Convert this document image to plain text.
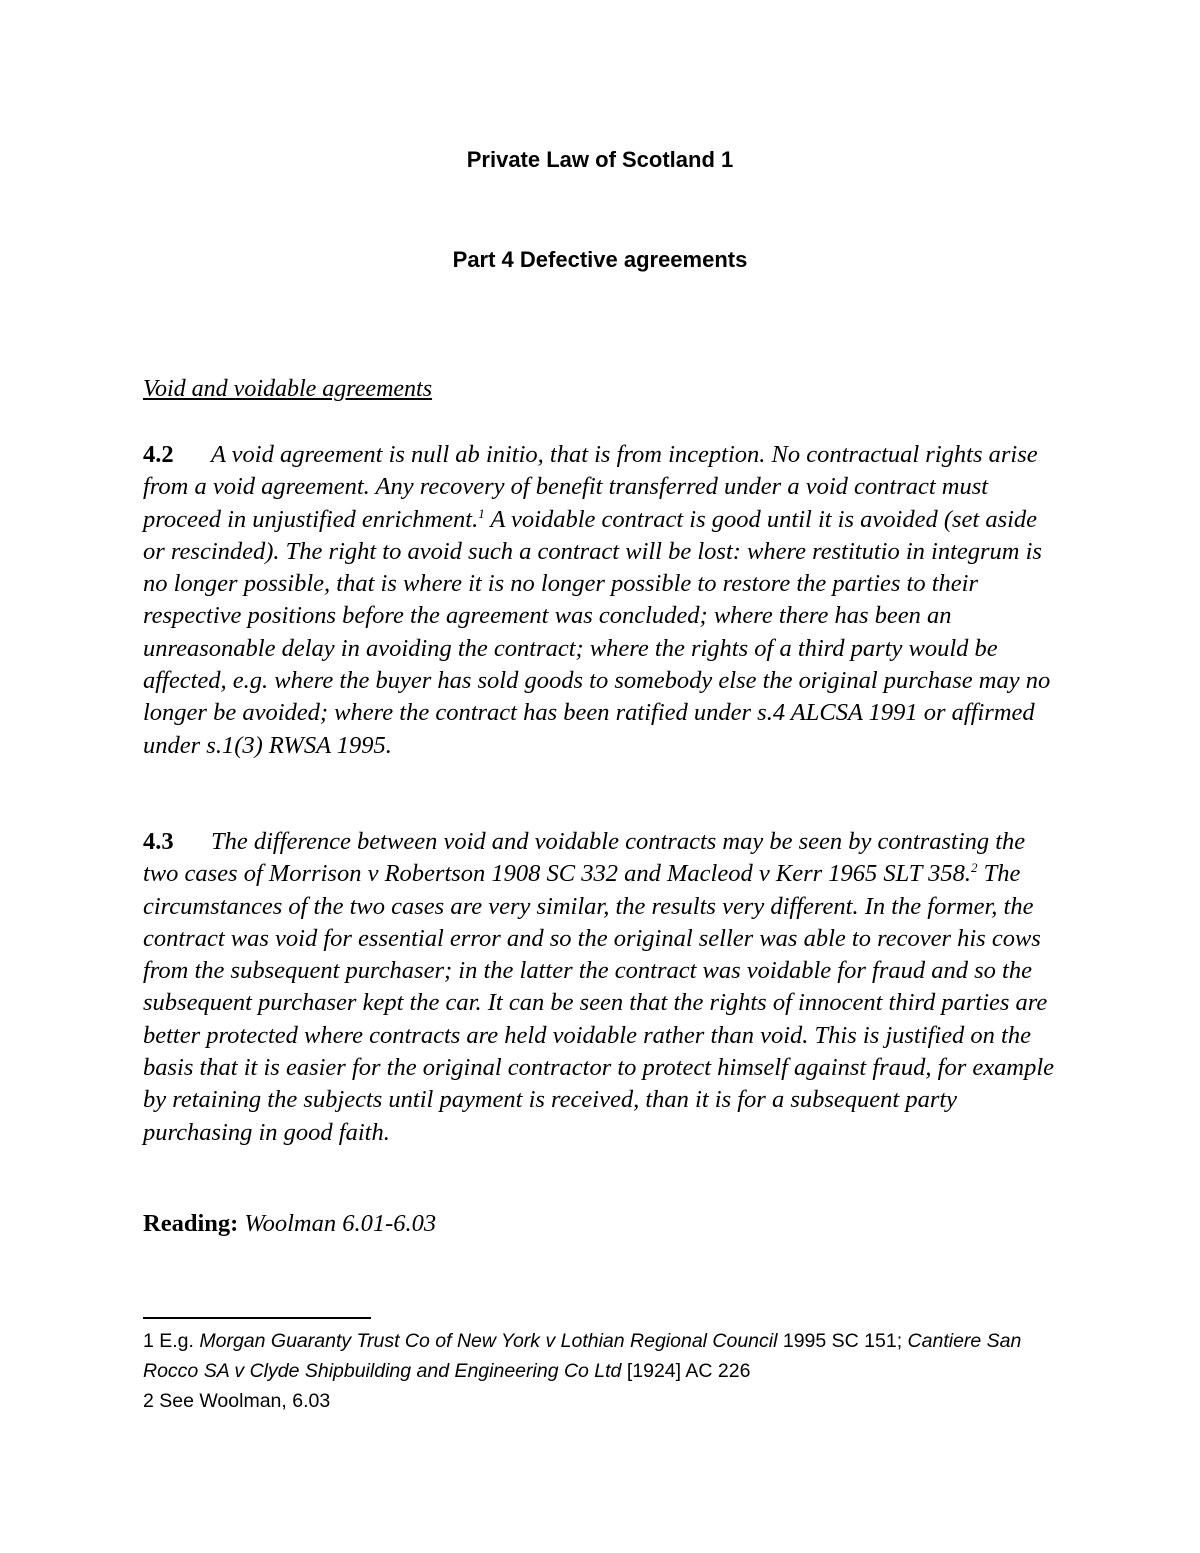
Private Law of Scotland 1
Part 4 Defective agreements
Void and voidable agreements
4.2 A void agreement is null ab initio, that is from inception. No contractual rights arise from a void agreement. Any recovery of benefit transferred under a void contract must proceed in unjustified enrichment.$^1$ A voidable contract is good until it is avoided (set aside or rescinded). The right to avoid such a contract will be lost: where restitutio in integrum is no longer possible, that is where it is no longer possible to restore the parties to their respective positions before the agreement was concluded; where there has been an unreasonable delay in avoiding the contract; where the rights of a third party would be affected, e.g. where the buyer has sold goods to somebody else the original purchase may no longer be avoided; where the contract has been ratified under s.4 ALCSA 1991 or affirmed under s.1(3) RWSA 1995.
4.3 The difference between void and voidable contracts may be seen by contrasting the two cases of Morrison v Robertson 1908 SC 332 and Macleod v Kerr 1965 SLT 358.$^2$ The circumstances of the two cases are very similar, the results very different. In the former, the contract was void for essential error and so the original seller was able to recover his cows from the subsequent purchaser; in the latter the contract was voidable for fraud and so the subsequent purchaser kept the car. It can be seen that the rights of innocent third parties are better protected where contracts are held voidable rather than void. This is justified on the basis that it is easier for the original contractor to protect himself against fraud, for example by retaining the subjects until payment is received, than it is for a subsequent party purchasing in good faith.
Reading: Woolman 6.01-6.03
1 E.g. Morgan Guaranty Trust Co of New York v Lothian Regional Council 1995 SC 151; Cantiere San Rocco SA v Clyde Shipbuilding and Engineering Co Ltd [1924] AC 226
2 See Woolman, 6.03
